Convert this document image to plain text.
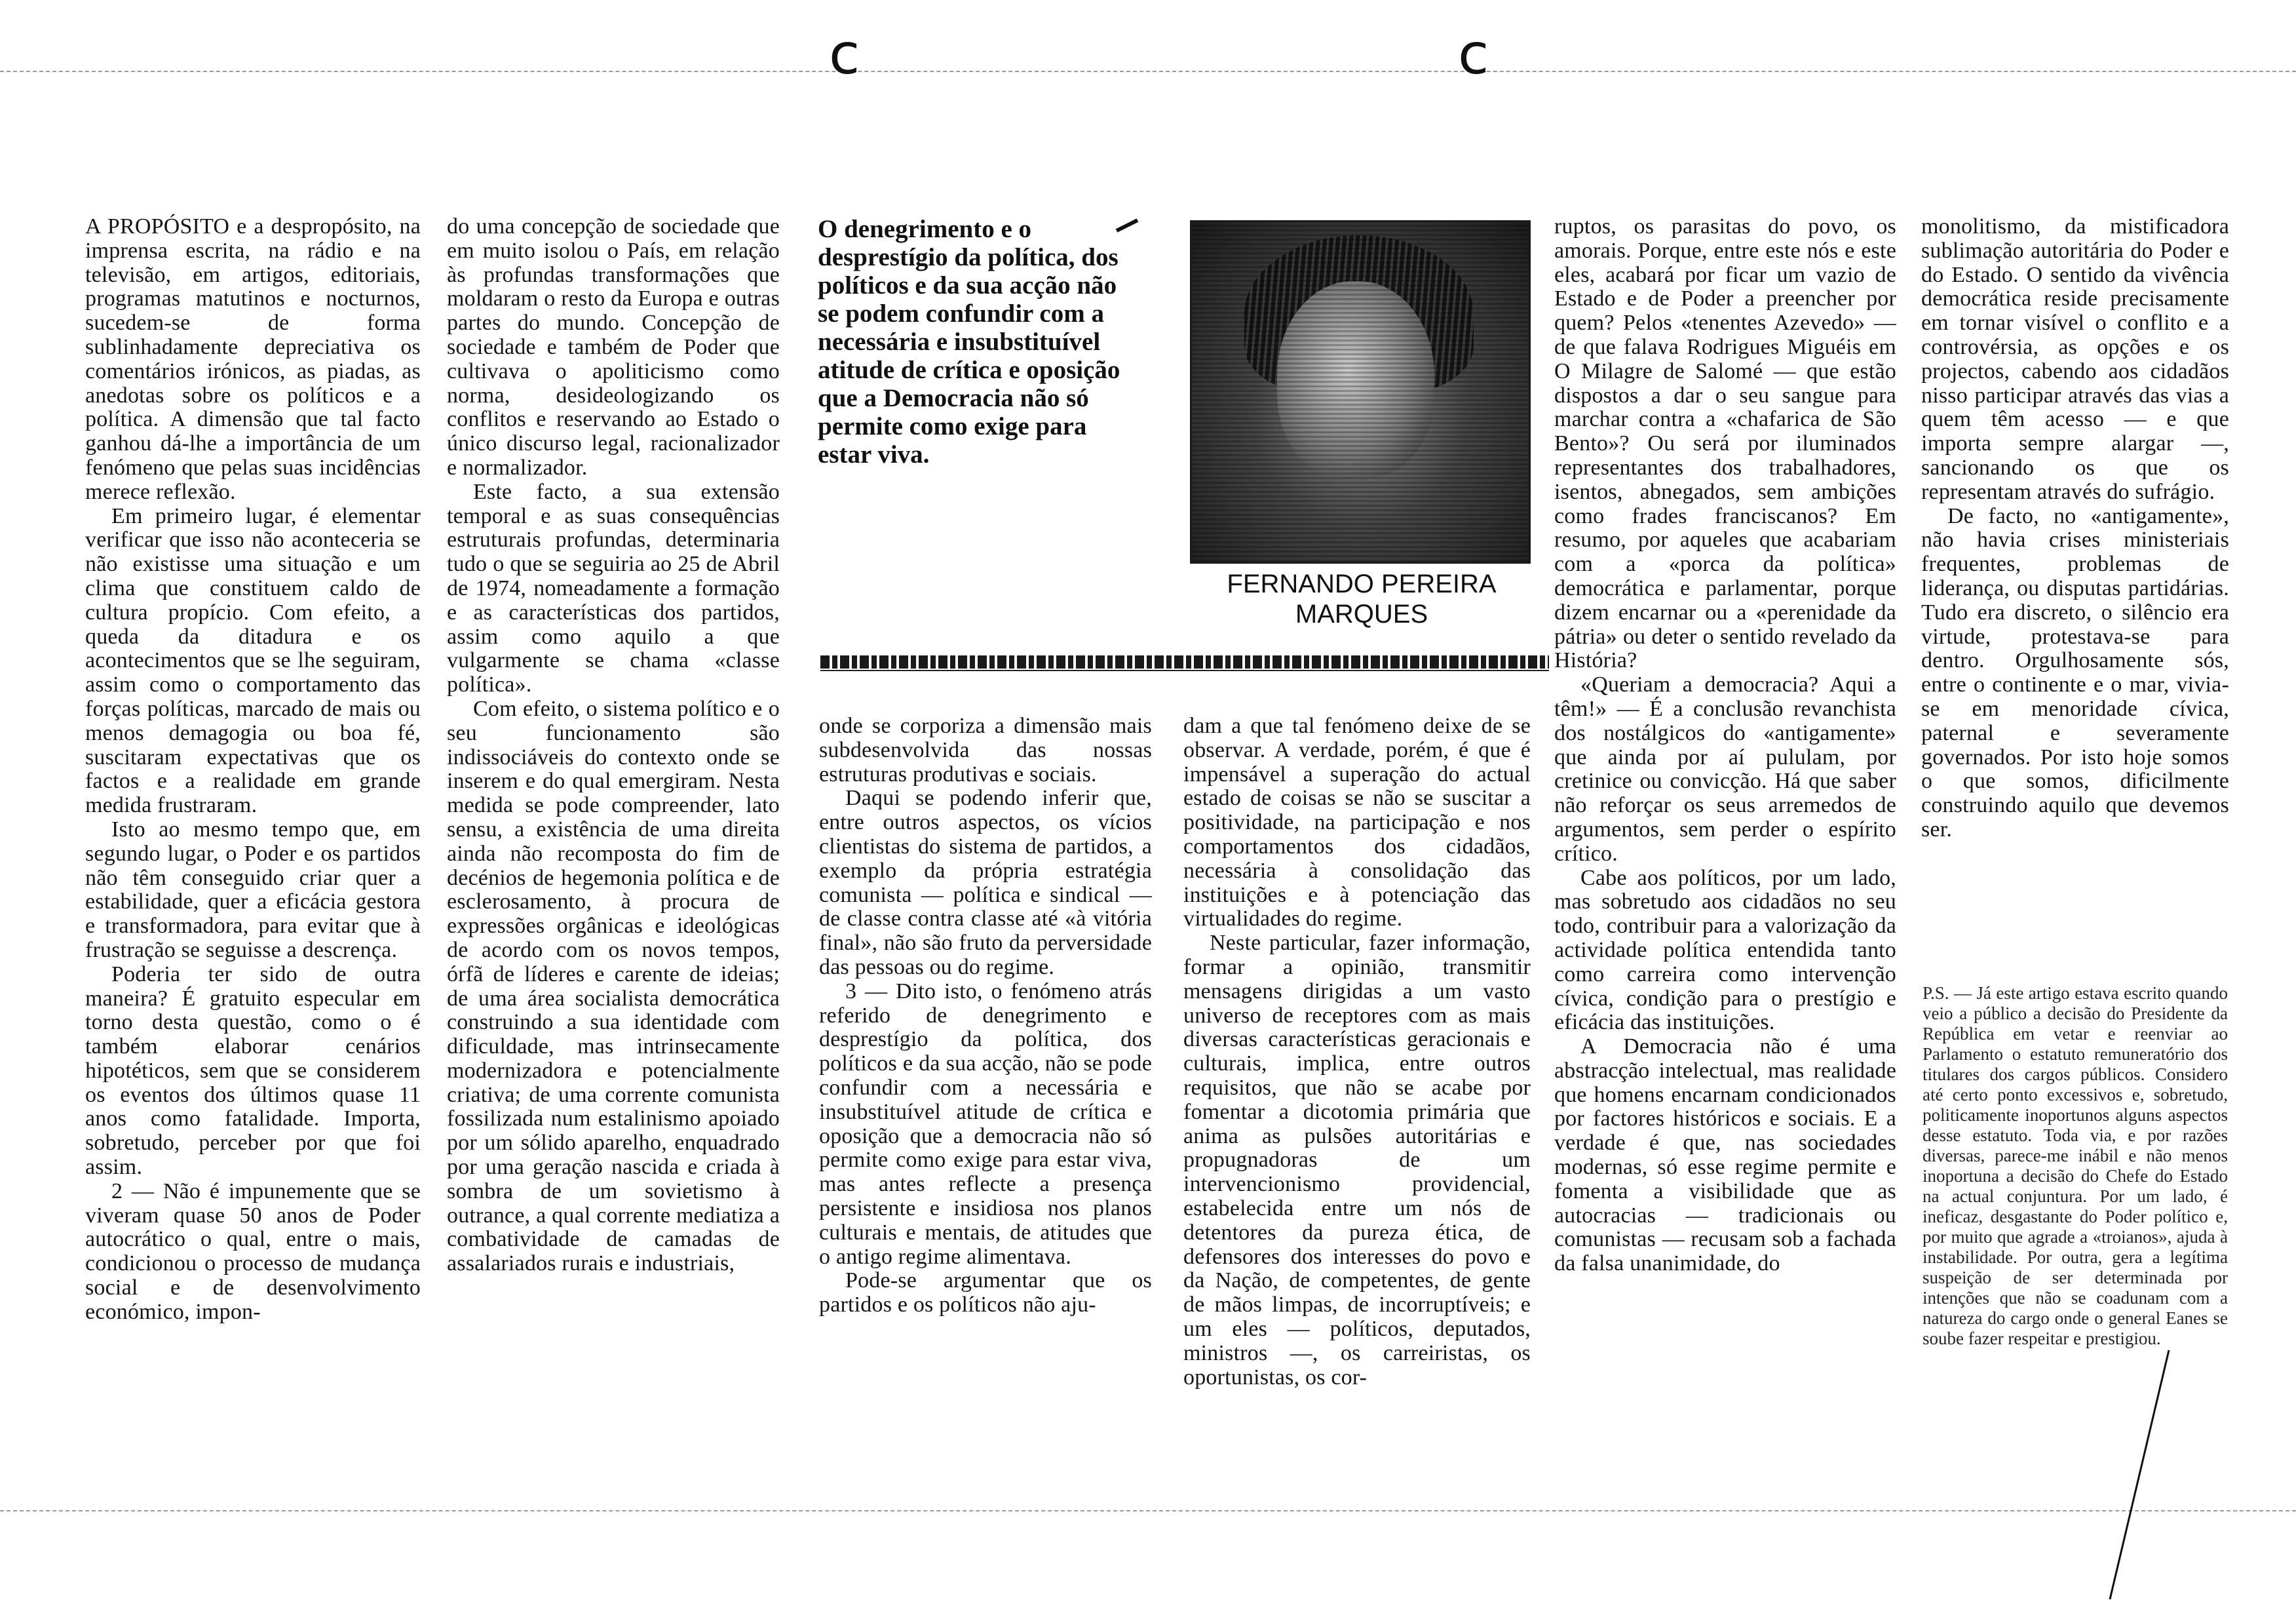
c	c

A PROPÓSITO e a despropósito, na imprensa escrita, na rádio e na televisão, em artigos, editoriais, programas matutinos e nocturnos, sucedem-se de forma sublinhadamente depreciativa os comentários irónicos, as piadas, as anedotas sobre os políticos e a política. A dimensão que tal facto ganhou dá-lhe a importância de um fenómeno que pelas suas incidências merece reflexão.

Em primeiro lugar, é elementar verificar que isso não aconteceria se não existisse uma situação e um clima que constituem caldo de cultura propício. Com efeito, a queda da ditadura e os acontecimentos que se lhe seguiram, assim como o comportamento das forças políticas, marcado de mais ou menos demagogia ou boa fé, suscitaram expectativas que os factos e a realidade em grande medida frustraram.

Isto ao mesmo tempo que, em segundo lugar, o Poder e os partidos não têm conseguido criar quer a estabilidade, quer a eficácia gestora e transformadora, para evitar que à frustração se seguisse a descrença.

Poderia ter sido de outra maneira? É gratuito especular em torno desta questão, como o é também elaborar cenários hipotéticos, sem que se considerem os eventos dos últimos quase 11 anos como fatalidade. Importa, sobretudo, perceber por que foi assim.

2 — Não é impunemente que se viveram quase 50 anos de Poder autocrático o qual, entre o mais, condicionou o processo de mudança social e de desenvolvimento económico, impon-

do uma concepção de sociedade que em muito isolou o País, em relação às profundas transformações que moldaram o resto da Europa e outras partes do mundo. Concepção de sociedade e também de Poder que cultivava o apoliticismo como norma, desideologizando os conflitos e reservando ao Estado o único discurso legal, racionalizador e normalizador.

Este facto, a sua extensão temporal e as suas consequências estruturais profundas, determinaria tudo o que se seguiria ao 25 de Abril de 1974, nomeadamente a formação e as características dos partidos, assim como aquilo a que vulgarmente se chama «classe política».

Com efeito, o sistema político e o seu funcionamento são indissociáveis do contexto onde se inserem e do qual emergiram. Nesta medida se pode compreender, lato sensu, a existência de uma direita ainda não recomposta do fim de decénios de hegemonia política e de esclerosamento, à procura de expressões orgânicas e ideológicas de acordo com os novos tempos, órfã de líderes e carente de ideias; de uma área socialista democrática construindo a sua identidade com dificuldade, mas intrinsecamente modernizadora e potencialmente criativa; de uma corrente comunista fossilizada num estalinismo apoiado por um sólido aparelho, enquadrado por uma geração nascida e criada à sombra de um sovietismo à outrance, a qual corrente mediatiza a combatividade de camadas de assalariados rurais e industriais,

O denegrimento e o desprestígio da política, dos políticos e da sua acção não se podem confundir com a necessária e insubstituível atitude de crítica e oposição que a Democracia não só permite como exige para estar viva.
FERNANDO PEREIRA
MARQUES

onde se corporiza a dimensão mais subdesenvolvida das nossas estruturas produtivas e sociais.

Daqui se podendo inferir que, entre outros aspectos, os vícios clientistas do sistema de partidos, a exemplo da própria estratégia comunista — política e sindical — de classe contra classe até «à vitória final», não são fruto da perversidade das pessoas ou do regime.

3 — Dito isto, o fenómeno atrás referido de denegrimento e desprestígio da política, dos políticos e da sua acção, não se pode confundir com a necessária e insubstituível atitude de crítica e oposição que a democracia não só permite como exige para estar viva, mas antes reflecte a presença persistente e insidiosa nos planos culturais e mentais, de atitudes que o antigo regime alimentava.

Pode-se argumentar que os partidos e os políticos não aju-

dam a que tal fenómeno deixe de se observar. A verdade, porém, é que é impensável a superação do actual estado de coisas se não se suscitar a positividade, na participação e nos comportamentos dos cidadãos, necessária à consolidação das instituições e à potenciação das virtualidades do regime.

Neste particular, fazer informação, formar a opinião, transmitir mensagens dirigidas a um vasto universo de receptores com as mais diversas características geracionais e culturais, implica, entre outros requisitos, que não se acabe por fomentar a dicotomia primária que anima as pulsões autoritárias e propugnadoras de um intervencionismo providencial, estabelecida entre um nós de detentores da pureza ética, de defensores dos interesses do povo e da Nação, de competentes, de gente de mãos limpas, de incorruptíveis; e um eles — políticos, deputados, ministros —, os carreiristas, os oportunistas, os cor-

ruptos, os parasitas do povo, os amorais. Porque, entre este nós e este eles, acabará por ficar um vazio de Estado e de Poder a preencher por quem? Pelos «tenentes Azevedo» — de que falava Rodrigues Miguéis em O Milagre de Salomé — que estão dispostos a dar o seu sangue para marchar contra a «chafarica de São Bento»? Ou será por iluminados representantes dos trabalhadores, isentos, abnegados, sem ambições como frades franciscanos? Em resumo, por aqueles que acabariam com a «porca da política» democrática e parlamentar, porque dizem encarnar ou a «perenidade da pátria» ou deter o sentido revelado da História?

«Queriam a democracia? Aqui a têm!» — É a conclusão revanchista dos nostálgicos do «antigamente» que ainda por aí pululam, por cretinice ou convicção. Há que saber não reforçar os seus arremedos de argumentos, sem perder o espírito crítico.

Cabe aos políticos, por um lado, mas sobretudo aos cidadãos no seu todo, contribuir para a valorização da actividade política entendida tanto como carreira como intervenção cívica, condição para o prestígio e eficácia das instituições.

A Democracia não é uma abstracção intelectual, mas realidade que homens encarnam condicionados por factores históricos e sociais. E a verdade é que, nas sociedades modernas, só esse regime permite e fomenta a visibilidade que as autocracias — tradicionais ou comunistas — recusam sob a fachada da falsa unanimidade, do

monolitismo, da mistificadora sublimação autoritária do Poder e do Estado. O sentido da vivência democrática reside precisamente em tornar visível o conflito e a controvérsia, as opções e os projectos, cabendo aos cidadãos nisso participar através das vias a quem têm acesso — e que importa sempre alargar —, sancionando os que os representam através do sufrágio.

De facto, no «antigamente», não havia crises ministeriais frequentes, problemas de liderança, ou disputas partidárias. Tudo era discreto, o silêncio era virtude, protestava-se para dentro. Orgulhosamente sós, entre o continente e o mar, vivia-se em menoridade cívica, paternal e severamente governados. Por isto hoje somos o que somos, dificilmente construindo aquilo que devemos ser.

P.S. — Já este artigo estava escrito quando veio a público a decisão do Presidente da República em vetar e reenviar ao Parlamento o estatuto remuneratório dos titulares dos cargos públicos. Considero até certo ponto excessivos e, sobretudo, politicamente inoportunos alguns aspectos desse estatuto. Toda via, e por razões diversas, parece-me inábil e não menos inoportuna a decisão do Chefe do Estado na actual conjuntura. Por um lado, é ineficaz, desgastante do Poder político e, por muito que agrade a «troianos», ajuda à instabilidade. Por outra, gera a legítima suspeição de ser determinada por intenções que não se coadunam com a natureza do cargo onde o general Eanes se soube fazer respeitar e prestigiou.
